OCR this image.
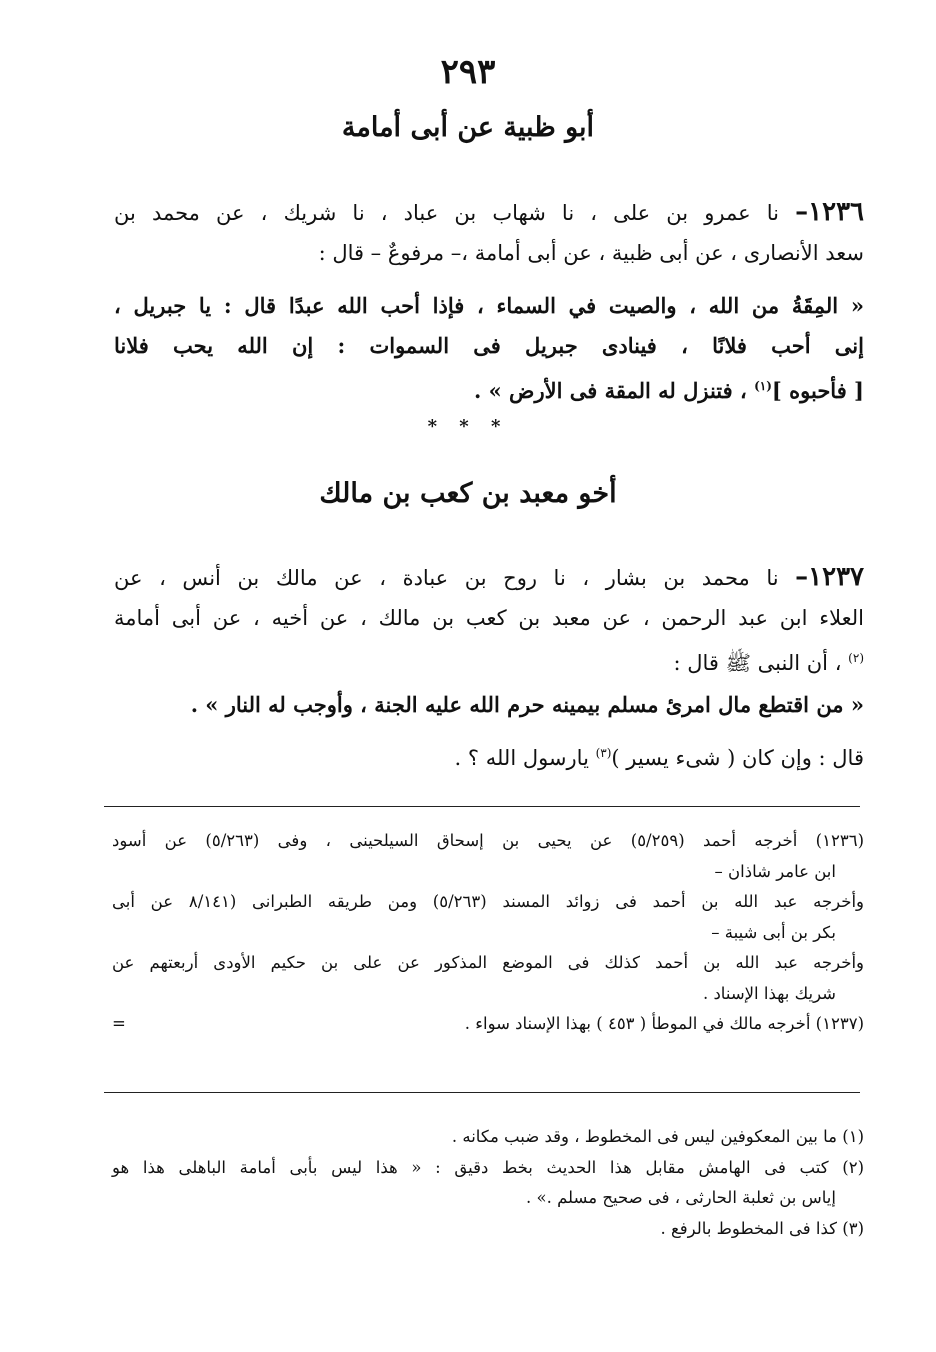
٢٩٣
أبو ظبية عن أبى أمامة
١٢٣٦– نا عمرو بن على ، نا شهاب بن عباد ، نا شريك ، عن محمد بن
سعد الأنصارى ، عن أبى ظبية ، عن أبى أمامة ،– مرفوعٌ – قال :
« المِقَةُ من الله ، والصيت في السماء ، فإذا أحب الله عبدًا قال : يا جبريل ،
إنى أحب فلانًا ، فينادى جبريل فى السموات : إن الله يحب فلانا
[ فأحبوه ]$^{(١)}$ ، فتنزل له المقة فى الأرض » .
* * *
أخو معبد بن كعب بن مالك
١٢٣٧– نا محمد بن بشار ، نا روح بن عبادة ، عن مالك بن أنس ، عن
العلاء ابن عبد الرحمن ، عن معبد بن كعب بن مالك ، عن أخيه ، عن أبى أمامة
$^{(٢)}$ ، أن النبى ﷺ قال :
« من اقتطع مال امرئ مسلم بيمينه حرم الله عليه الجنة ، وأوجب له النار » .
قال : وإن كان ( شىء يسير )$^{(٣)}$ يارسول الله ؟ .
(١٢٣٦) أخرجه أحمد (٥/٢٥٩) عن يحيى بن إسحاق السيلحينى ، وفى (٥/٢٦٣) عن أسود
ابن عامر شاذان –
وأخرجه عبد الله بن أحمد فى زوائد المسند (٥/٢٦٣) ومن طريقه الطبرانى (٨/١٤١ عن أبى
بكر بن أبى شيبة –
وأخرجه عبد الله بن أحمد كذلك فى الموضع المذكور عن على بن حكيم الأودى أربعتهم عن
شريك بهذا الإسناد .
(١٢٣٧) أخرجه مالك في الموطأ ( ٤٥٣ ) بهذا الإسناد سواء .
=
(١) ما بين المعكوفين ليس فى المخطوط ، وقد ضبب مكانه .
(٢) كتب فى الهامش مقابل هذا الحديث بخط دقيق : « هذا ليس بأبى أمامة الباهلى هذا هو
إياس بن ثعلبة الحارثى ، فى صحيح مسلم .» .
(٣) كذا فى المخطوط بالرفع .
